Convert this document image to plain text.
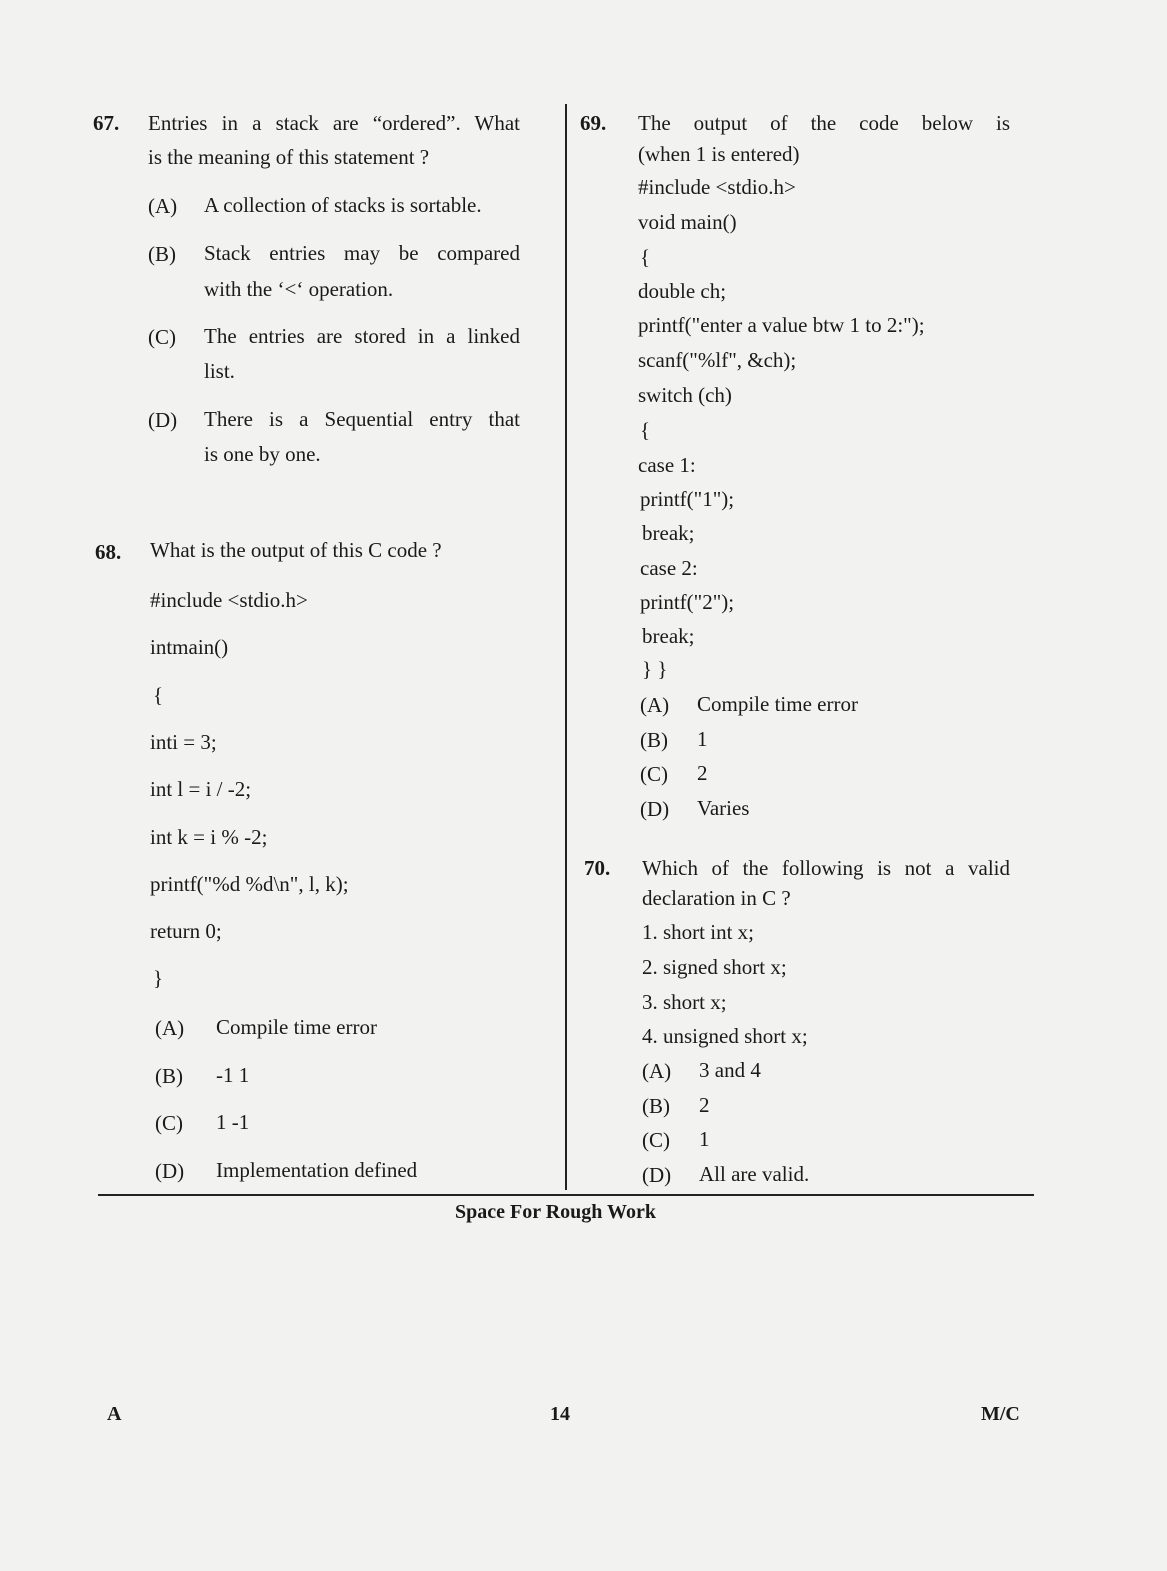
67. Entries in a stack are “ordered”. What
is the meaning of this statement ?
(A) A collection of stacks is sortable.
(B) Stack entries may be compared
with the ‘<‘ operation.
(C) The entries are stored in a linked
list.
(D) There is a Sequential entry that
is one by one.
68. What is the output of this C code ?
#include <stdio.h>
intmain()
{
inti = 3;
int l = i / -2;
int k = i % -2;
printf("%d %d\n", l, k);
return 0;
}
(A) Compile time error
(B) -1 1
(C) 1 -1
(D) Implementation defined
69. The output of the code below is
(when 1 is entered)
#include <stdio.h>
void main()
{
double ch;
printf("enter a value btw 1 to 2:");
scanf("%lf", &ch);
switch (ch)
{
case 1:
printf("1");
break;
case 2:
printf("2");
break;
} }
(A) Compile time error
(B) 1
(C) 2
(D) Varies
70. Which of the following is not a valid
declaration in C ?
1. short int x;
2. signed short x;
3. short x;
4. unsigned short x;
(A) 3 and 4
(B) 2
(C) 1
(D) All are valid.
Space For Rough Work
A	14	M/C
